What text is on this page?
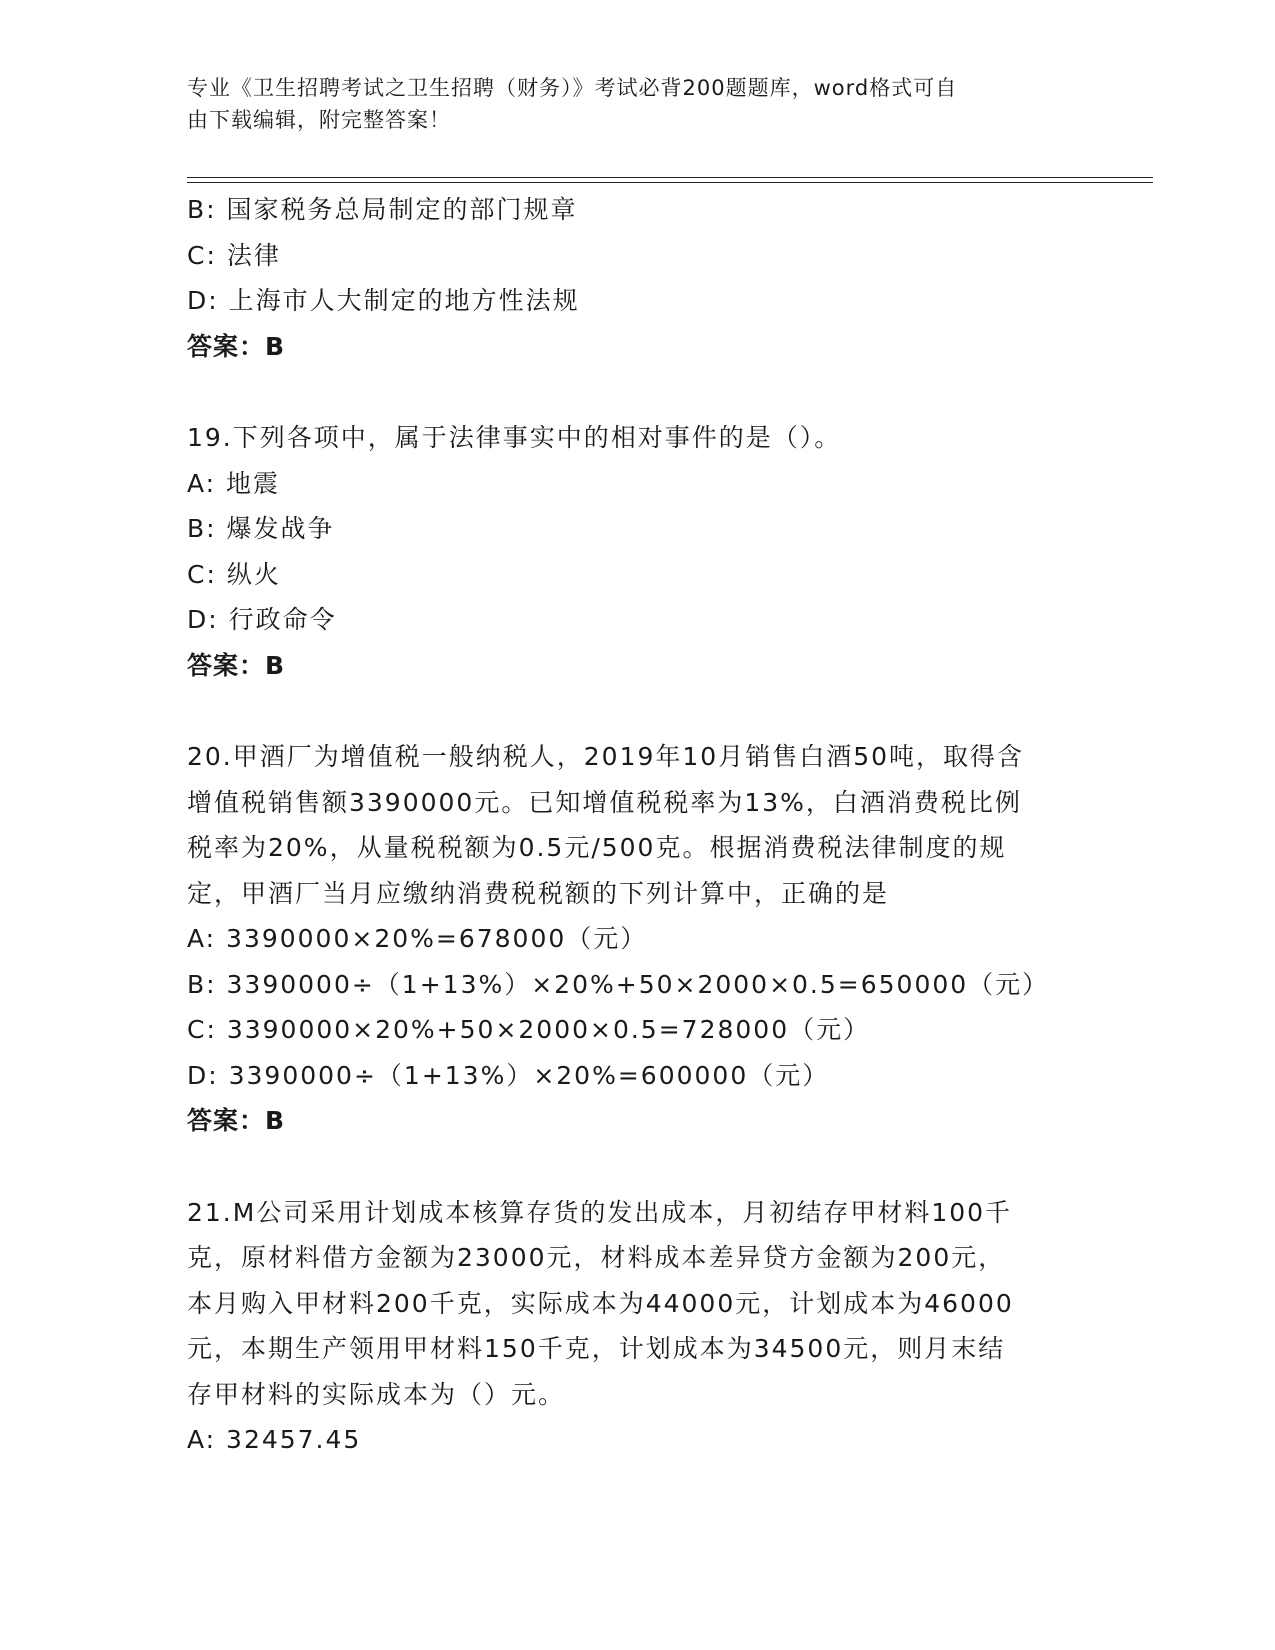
专业《卫生招聘考试之卫生招聘（财务）》考试必背200题题库，word格式可自
由下载编辑，附完整答案！
B: 国家税务总局制定的部门规章
C: 法律
D: 上海市人大制定的地方性法规
答案：B
19.下列各项中，属于法律事实中的相对事件的是（）。
A: 地震
B: 爆发战争
C: 纵火
D: 行政命令
答案：B
20.甲酒厂为增值税一般纳税人，2019年10月销售白酒50吨，取得含
增值税销售额3390000元。已知增值税税率为13%，白酒消费税比例
税率为20%，从量税税额为0.5元/500克。根据消费税法律制度的规
定，甲酒厂当月应缴纳消费税税额的下列计算中，正确的是
A: 3390000×20%=678000（元）
B: 3390000÷（1+13%）×20%+50×2000×0.5=650000（元）
C: 3390000×20%+50×2000×0.5=728000（元）
D: 3390000÷（1+13%）×20%=600000（元）
答案：B
21.M公司采用计划成本核算存货的发出成本，月初结存甲材料100千
克，原材料借方金额为23000元，材料成本差异贷方金额为200元，
本月购入甲材料200千克，实际成本为44000元，计划成本为46000
元，本期生产领用甲材料150千克，计划成本为34500元，则月末结
存甲材料的实际成本为（）元。
A: 32457.45
